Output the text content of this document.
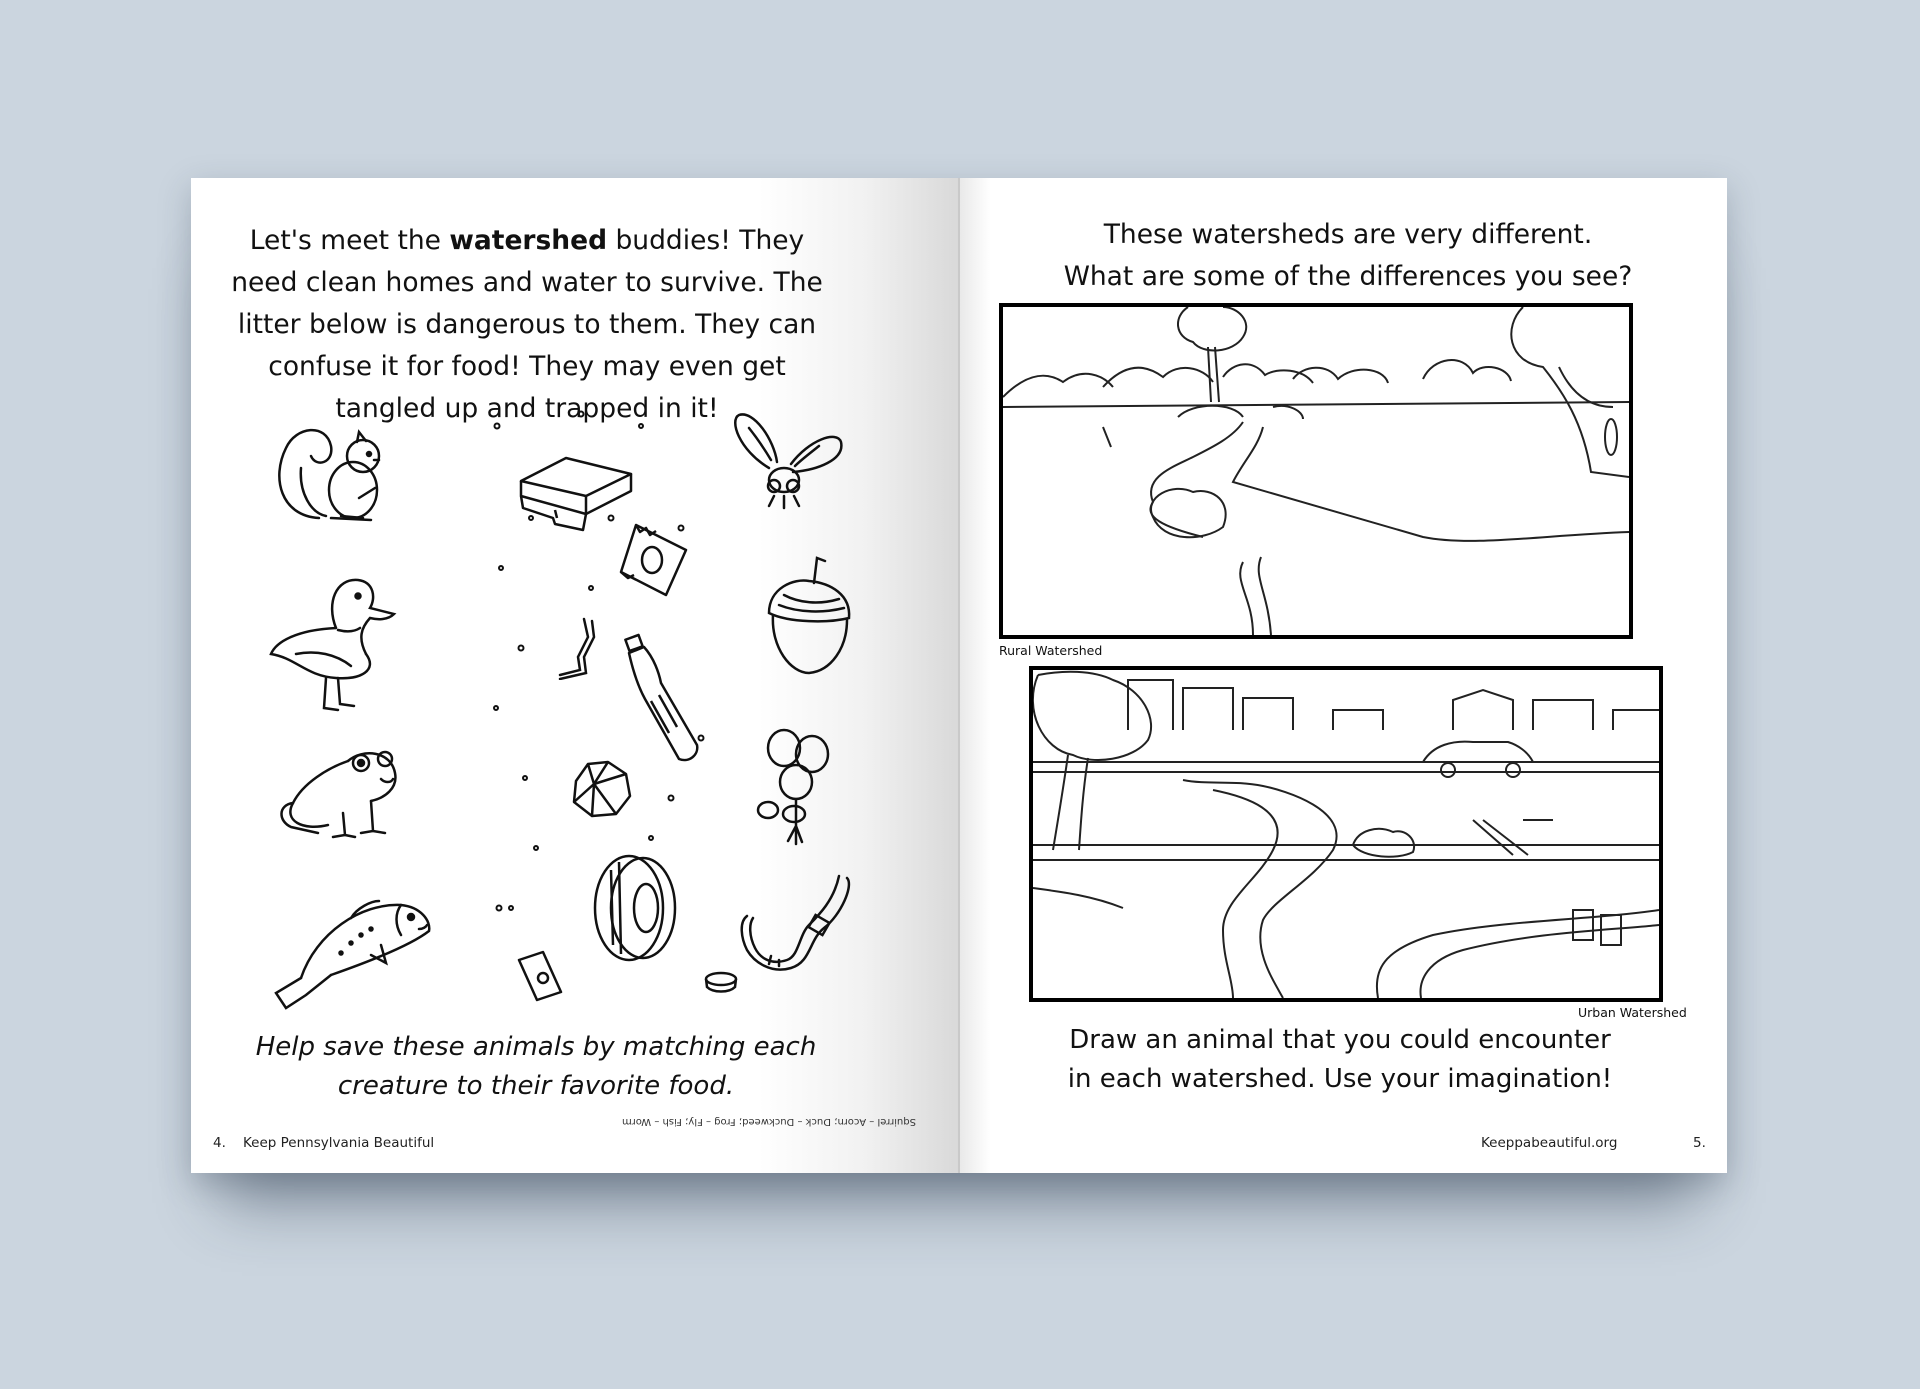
Let's meet the watershed buddies! They need clean homes and water to survive. The litter below is dangerous to them. They can confuse it for food! They may even get tangled up and trapped in it!
Help save these animals by matching each creature to their favorite food.
4. Keep Pennsylvania Beautiful
Squirrel – Acorn; Duck – Duckweed; Frog – Fly; Fish – Worm
These watersheds are very different.
What are some of the differences you see?
Rural Watershed
Urban Watershed
Draw an animal that you could encounter in each watershed. Use your imagination!
Keeppabeautiful.org	5.
